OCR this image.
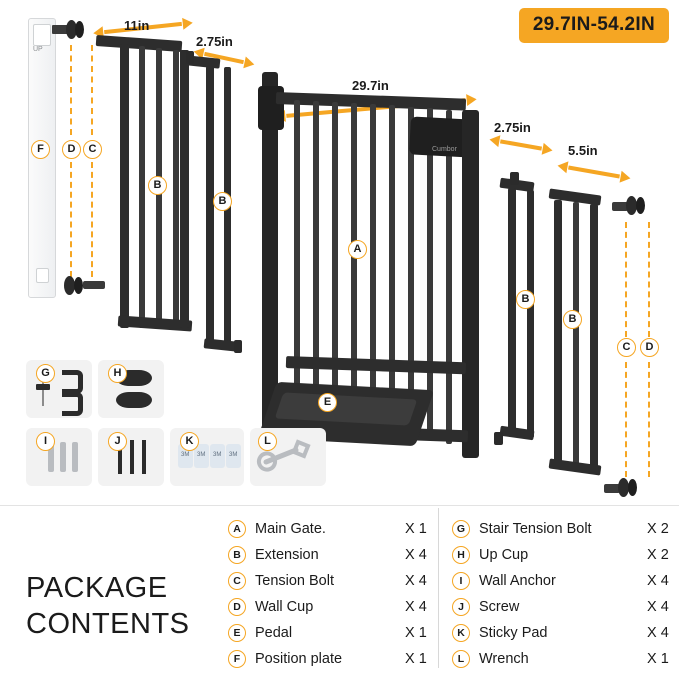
29.7IN-54.2IN
UP
F	D	C
11in
2.75in
29.7in
2.75in
5.5in
B
B
Cumbor
A
E
B
B
C	D
G	H
I	J
3M 3M 3M 3M
K	L
PACKAGE
CONTENTS
A Main Gate.	X 1
B Extension	X 4
C Tension Bolt	X 4
D Wall Cup	X 4
E	Pedal	X 1
F	Position plate	X 1
G Stair Tension Bolt	X 2
H Up Cup	X 2
I	Wall Anchor	X 4
J	Screw	X 4
K Sticky Pad	X 4
L	Wrench	X 1
